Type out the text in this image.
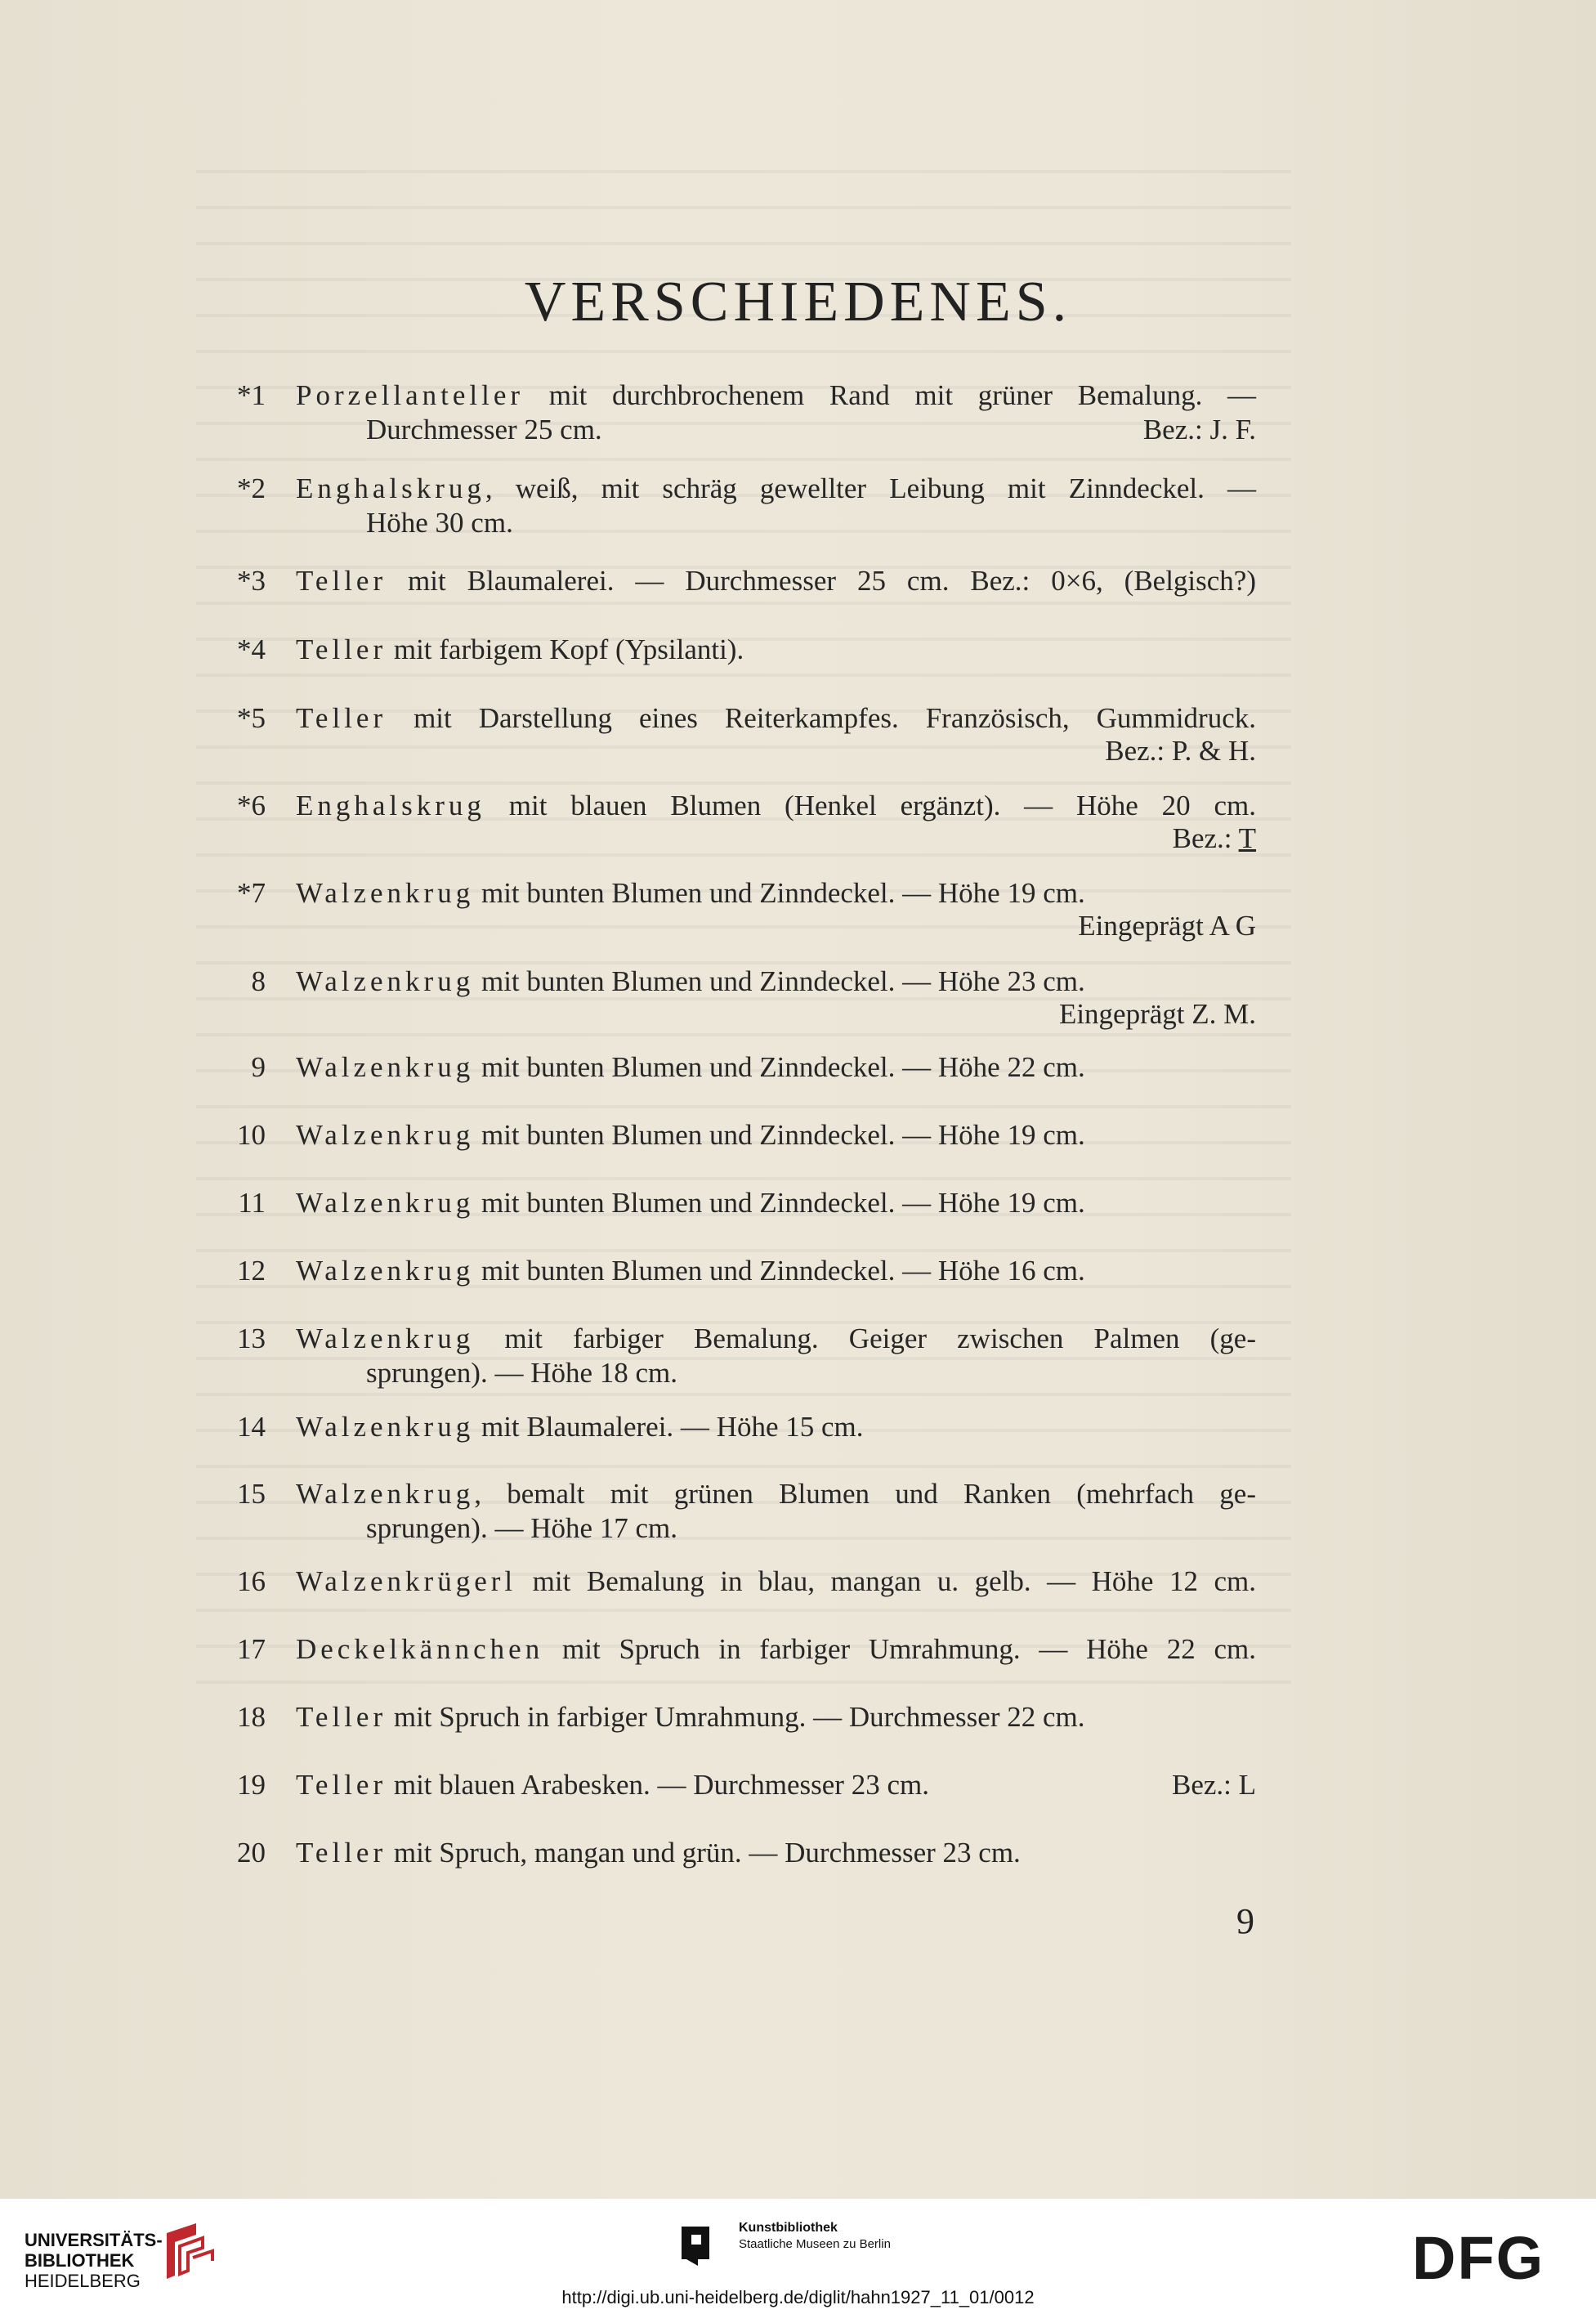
VERSCHIEDENES.
*1 Porzellanteller mit durchbrochenem Rand mit grüner Bemalung. —
Durchmesser 25 cm.	Bez.: J. F.
*2 Enghalskrug, weiß, mit schräg gewellter Leibung mit Zinndeckel. —
Höhe 30 cm.
*3 Teller mit Blaumalerei. — Durchmesser 25 cm. Bez.: 0×6, (Belgisch?)
*4 Teller mit farbigem Kopf (Ypsilanti).
*5 Teller mit Darstellung eines Reiterkampfes. Französisch, Gummidruck.
Bez.: P. & H.
*6 Enghalskrug mit blauen Blumen (Henkel ergänzt). — Höhe 20 cm.
Bez.: T
*7 Walzenkrug mit bunten Blumen und Zinndeckel. — Höhe 19 cm.
Eingeprägt A G
8 Walzenkrug mit bunten Blumen und Zinndeckel. — Höhe 23 cm.
Eingeprägt Z. M.
9 Walzenkrug mit bunten Blumen und Zinndeckel. — Höhe 22 cm.
10 Walzenkrug mit bunten Blumen und Zinndeckel. — Höhe 19 cm.
11 Walzenkrug mit bunten Blumen und Zinndeckel. — Höhe 19 cm.
12 Walzenkrug mit bunten Blumen und Zinndeckel. — Höhe 16 cm.
13 Walzenkrug mit farbiger Bemalung. Geiger zwischen Palmen (ge-
sprungen). — Höhe 18 cm.
14 Walzenkrug mit Blaumalerei. — Höhe 15 cm.
15 Walzenkrug, bemalt mit grünen Blumen und Ranken (mehrfach ge-
sprungen). — Höhe 17 cm.
16 Walzenkrügerl mit Bemalung in blau, mangan u. gelb. — Höhe 12 cm.
17 Deckelkännchen mit Spruch in farbiger Umrahmung. — Höhe 22 cm.
18 Teller mit Spruch in farbiger Umrahmung. — Durchmesser 22 cm.
19 Teller mit blauen Arabesken. — Durchmesser 23 cm.	Bez.: L
20 Teller mit Spruch, mangan und grün. — Durchmesser 23 cm.
9
UNIVERSITÄTS-
BIBLIOTHEK
HEIDELBERG
Kunstbibliothek
Staatliche Museen zu Berlin	DFG
http://digi.ub.uni-heidelberg.de/diglit/hahn1927_11_01/0012
